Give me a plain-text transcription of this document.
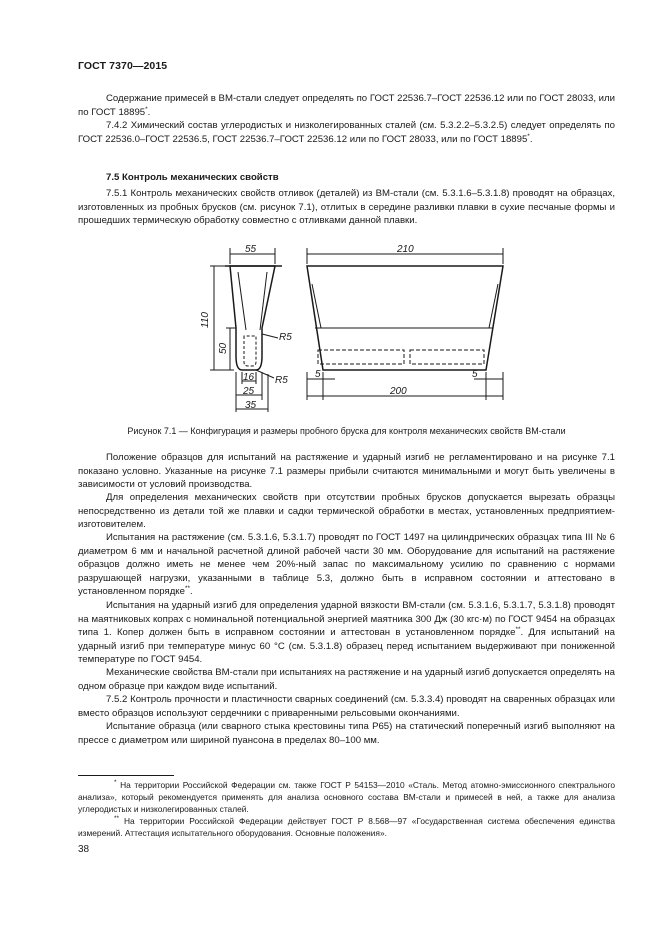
ГОСТ 7370—2015

Содержание примесей в ВМ-стали следует определять по ГОСТ 22536.7–ГОСТ 22536.12 или по ГОСТ 28033, или по ГОСТ 18895*.

7.4.2 Химический состав углеродистых и низколегированных сталей (см. 5.3.2.2–5.3.2.5) следует определять по ГОСТ 22536.0–ГОСТ 22536.5, ГОСТ 22536.7–ГОСТ 22536.12 или по ГОСТ 28033, или по ГОСТ 18895*.

7.5 Контроль механических свойств

7.5.1 Контроль механических свойств отливок (деталей) из ВМ-стали (см. 5.3.1.6–5.3.1.8) проводят на образцах, изготовленных из пробных брусков (см. рисунок 7.1), отлитых в середине разливки плавки в сухие песчаные формы и прошедших термическую обработку совместно с отливками данной плавки.

55	210
110
50
R5
R5
16
25
35
5	5
200
Рисунок 7.1 — Конфигурация и размеры пробного бруска для контроля механических свойств ВМ-стали

Положение образцов для испытаний на растяжение и ударный изгиб не регламентировано и на рисунке 7.1 показано условно. Указанные на рисунке 7.1 размеры прибыли считаются минимальными и могут быть увеличены в зависимости от условий производства.

Для определения механических свойств при отсутствии пробных брусков допускается вырезать образцы непосредственно из детали той же плавки и садки термической обработки в местах, установленных предприятием-изготовителем.

Испытания на растяжение (см. 5.3.1.6, 5.3.1.7) проводят по ГОСТ 1497 на цилиндрических образцах типа III № 6 диаметром 6 мм и начальной расчетной длиной рабочей части 30 мм. Оборудование для испытаний на растяжение образцов должно иметь не менее чем 20%-ный запас по максимальному усилию по сравнению с нормами разрушающей нагрузки, указанными в таблице 5.3, должно быть в исправном состоянии и аттестовано в установленном порядке**.

Испытания на ударный изгиб для определения ударной вязкости ВМ-стали (см. 5.3.1.6, 5.3.1.7, 5.3.1.8) проводят на маятниковых копрах с номинальной потенциальной энергией маятника 300 Дж (30 кгс·м) по ГОСТ 9454 на образцах типа 1. Копер должен быть в исправном состоянии и аттестован в установленном порядке**. Для испытаний на ударный изгиб при температуре минус 60 °С (см. 5.3.1.8) образец перед испытанием выдерживают при пониженной температуре по ГОСТ 9454.

Механические свойства ВМ-стали при испытаниях на растяжение и на ударный изгиб допускается определять на одном образце при каждом виде испытаний.

7.5.2 Контроль прочности и пластичности сварных соединений (см. 5.3.3.4) проводят на сваренных образцах или вместо образцов используют сердечники с приваренными рельсовыми окончаниями.

Испытание образца (или сварного стыка крестовины типа Р65) на статический поперечный изгиб выполняют на прессе с диаметром или шириной пуансона в пределах 80–100 мм.

* На территории Российской Федерации см. также ГОСТ Р 54153—2010 «Сталь. Метод атомно-эмиссионного спектрального анализа», который рекомендуется применять для анализа основного состава ВМ-стали и примесей в ней, а также для анализа углеродистых и низколегированных сталей.

** На территории Российской Федерации действует ГОСТ Р 8.568—97 «Государственная система обеспечения единства измерений. Аттестация испытательного оборудования. Основные положения».

38
